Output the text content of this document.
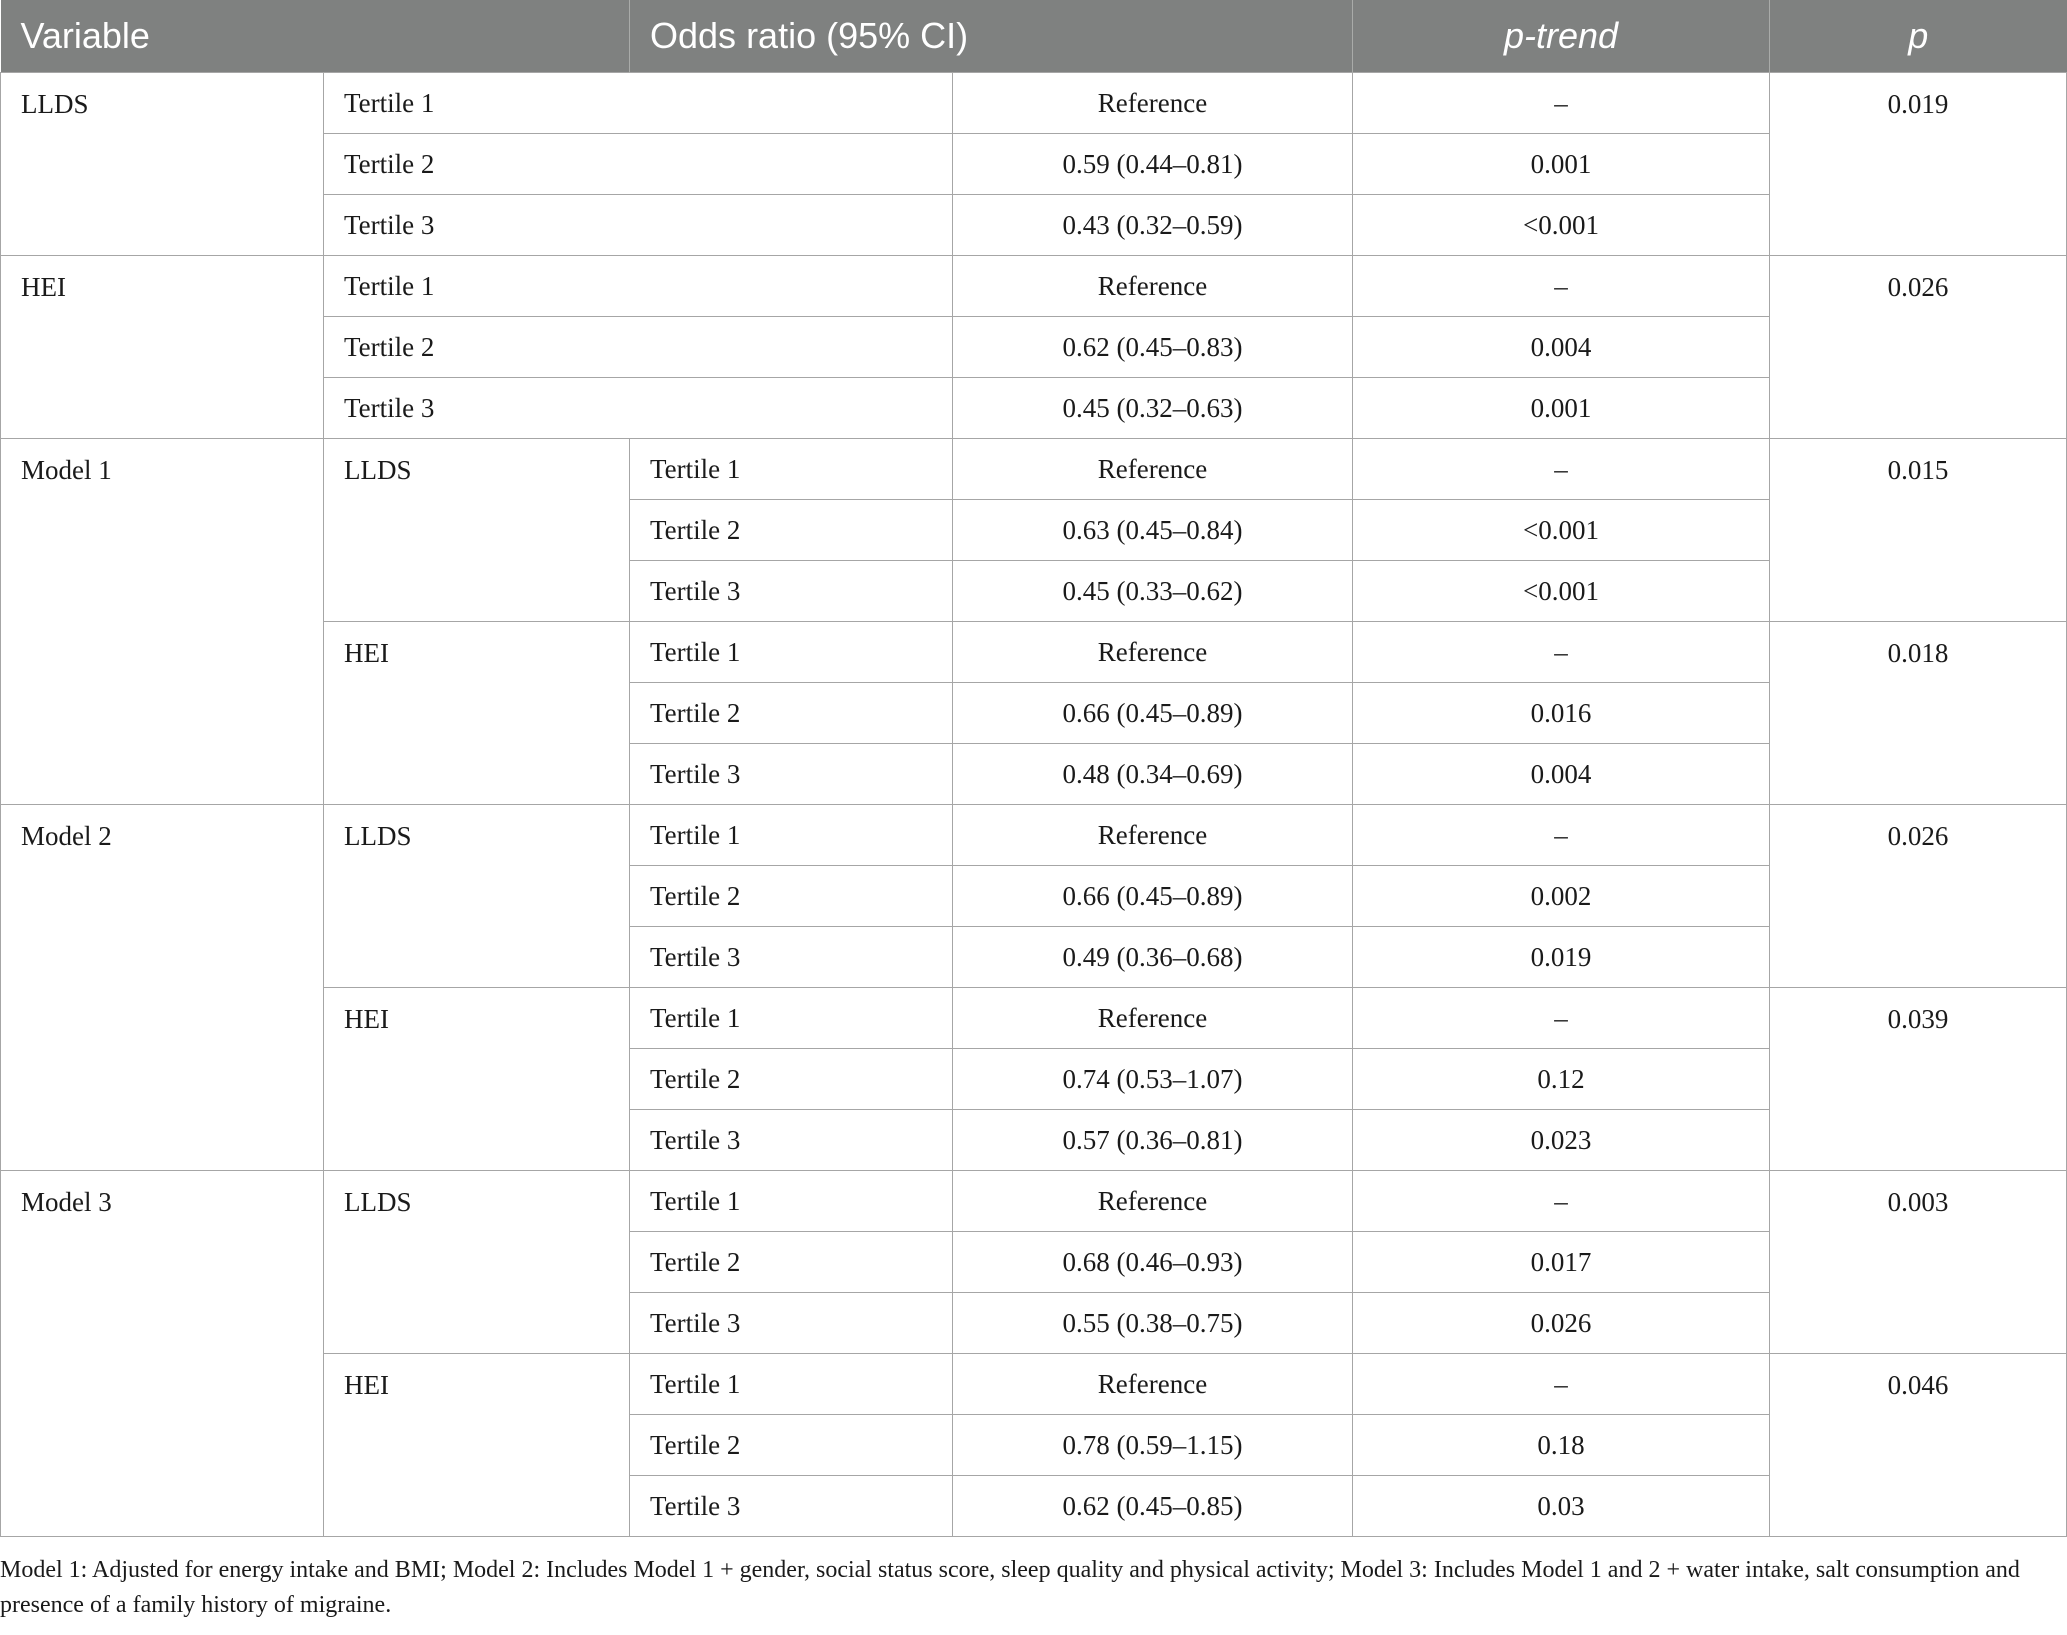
Variable		Odds ratio (95% CI)		p-trend	p
LLDS	Tertile 1		Reference	–	0.019
	Tertile 2		0.59 (0.44–0.81)	0.001	
	Tertile 3		0.43 (0.32–0.59)	<0.001	
HEI	Tertile 1		Reference	–	0.026
	Tertile 2		0.62 (0.45–0.83)	0.004	
	Tertile 3		0.45 (0.32–0.63)	0.001	
Model 1	LLDS	Tertile 1	Reference	–	0.015
		Tertile 2	0.63 (0.45–0.84)	<0.001	
		Tertile 3	0.45 (0.33–0.62)	<0.001	
	HEI	Tertile 1	Reference	–	0.018
		Tertile 2	0.66 (0.45–0.89)	0.016	
		Tertile 3	0.48 (0.34–0.69)	0.004	
Model 2	LLDS	Tertile 1	Reference	–	0.026
		Tertile 2	0.66 (0.45–0.89)	0.002	
		Tertile 3	0.49 (0.36–0.68)	0.019	
	HEI	Tertile 1	Reference	–	0.039
		Tertile 2	0.74 (0.53–1.07)	0.12	
		Tertile 3	0.57 (0.36–0.81)	0.023	
Model 3	LLDS	Tertile 1	Reference	–	0.003
		Tertile 2	0.68 (0.46–0.93)	0.017	
		Tertile 3	0.55 (0.38–0.75)	0.026	
	HEI	Tertile 1	Reference	–	0.046
		Tertile 2	0.78 (0.59–1.15)	0.18	
		Tertile 3	0.62 (0.45–0.85)	0.03	
Model 1: Adjusted for energy intake and BMI; Model 2: Includes Model 1 + gender, social status score, sleep quality and physical activity; Model 3: Includes Model 1 and 2 + water intake, salt consumption and presence of a family history of migraine.
